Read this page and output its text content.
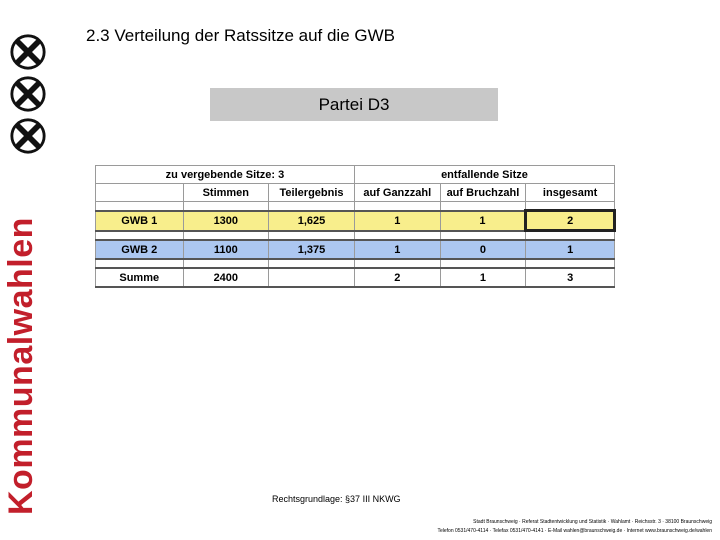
Kommunalwahlen
2.3 Verteilung der Ratssitze auf die GWB
Partei D3
zu vergebende Sitze: 3			entfallende Sitze		
	Stimmen	Teilergebnis	auf Ganzzahl	auf Bruchzahl	insgesamt

GWB 1	1300	1,625	1	1	2

GWB 2	1100	1,375	1	0	1

Summe	2400		2	1	3
Rechtsgrundlage: §37 III NKWG
Stadt Braunschweig · Referat Stadtentwicklung und Statistik · Wahlamt · Reichsstr. 3 · 38100 Braunschweig
Telefon 0531/470-4114 · Telefax 0531/470-4141 · E-Mail wahlen@braunschweig.de · Internet www.braunschweig.de/wahlen
